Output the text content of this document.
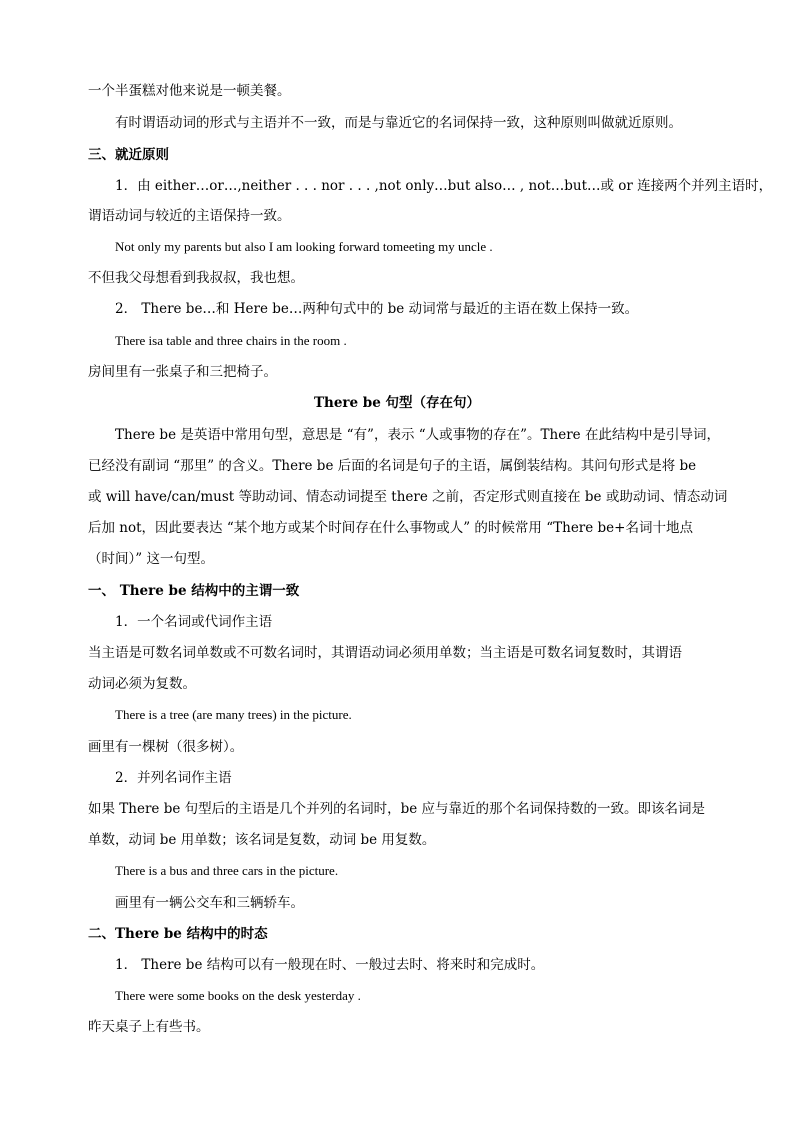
一个半蛋糕对他来说是一顿美餐。
有时谓语动词的形式与主语并不一致，而是与靠近它的名词保持一致，这种原则叫做就近原则。
三、就近原则
1．由 either…or…,neither . . . nor . . . ,not only…but also… , not…but…或 or 连接两个并列主语时，
谓语动词与较近的主语保持一致。
Not only my parents but also I am looking forward tomeeting my uncle .
不但我父母想看到我叔叔，我也想。
2． There be…和 Here be…两种句式中的 be 动词常与最近的主语在数上保持一致。
There isa table and three chairs in the room .
房间里有一张桌子和三把椅子。
There be 句型（存在句）
There be 是英语中常用句型，意思是 “有”，表示 “人或事物的存在”。There 在此结构中是引导词，
已经没有副词 “那里” 的含义。There be 后面的名词是句子的主语，属倒装结构。其问句形式是将 be
或 will have/can/must 等助动词、情态动词提至 there 之前，否定形式则直接在 be 或助动词、情态动词
后加 not，因此要表达 “某个地方或某个时间存在什么事物或人” 的时候常用 “There be+名词十地点
（时间）” 这一句型。
一、 There be 结构中的主谓一致
1．一个名词或代词作主语
当主语是可数名词单数或不可数名词时，其谓语动词必须用单数；当主语是可数名词复数时，其谓语
动词必须为复数。
There is a tree (are many trees) in the picture.
画里有一棵树（很多树）。
2．并列名词作主语
如果 There be 句型后的主语是几个并列的名词时，be 应与靠近的那个名词保持数的一致。即该名词是
单数，动词 be 用单数；该名词是复数，动词 be 用复数。
There is a bus and three cars in the picture.
画里有一辆公交车和三辆轿车。
二、There be 结构中的时态
1． There be 结构可以有一般现在时、一般过去时、将来时和完成时。
There were some books on the desk yesterday .
昨天桌子上有些书。
